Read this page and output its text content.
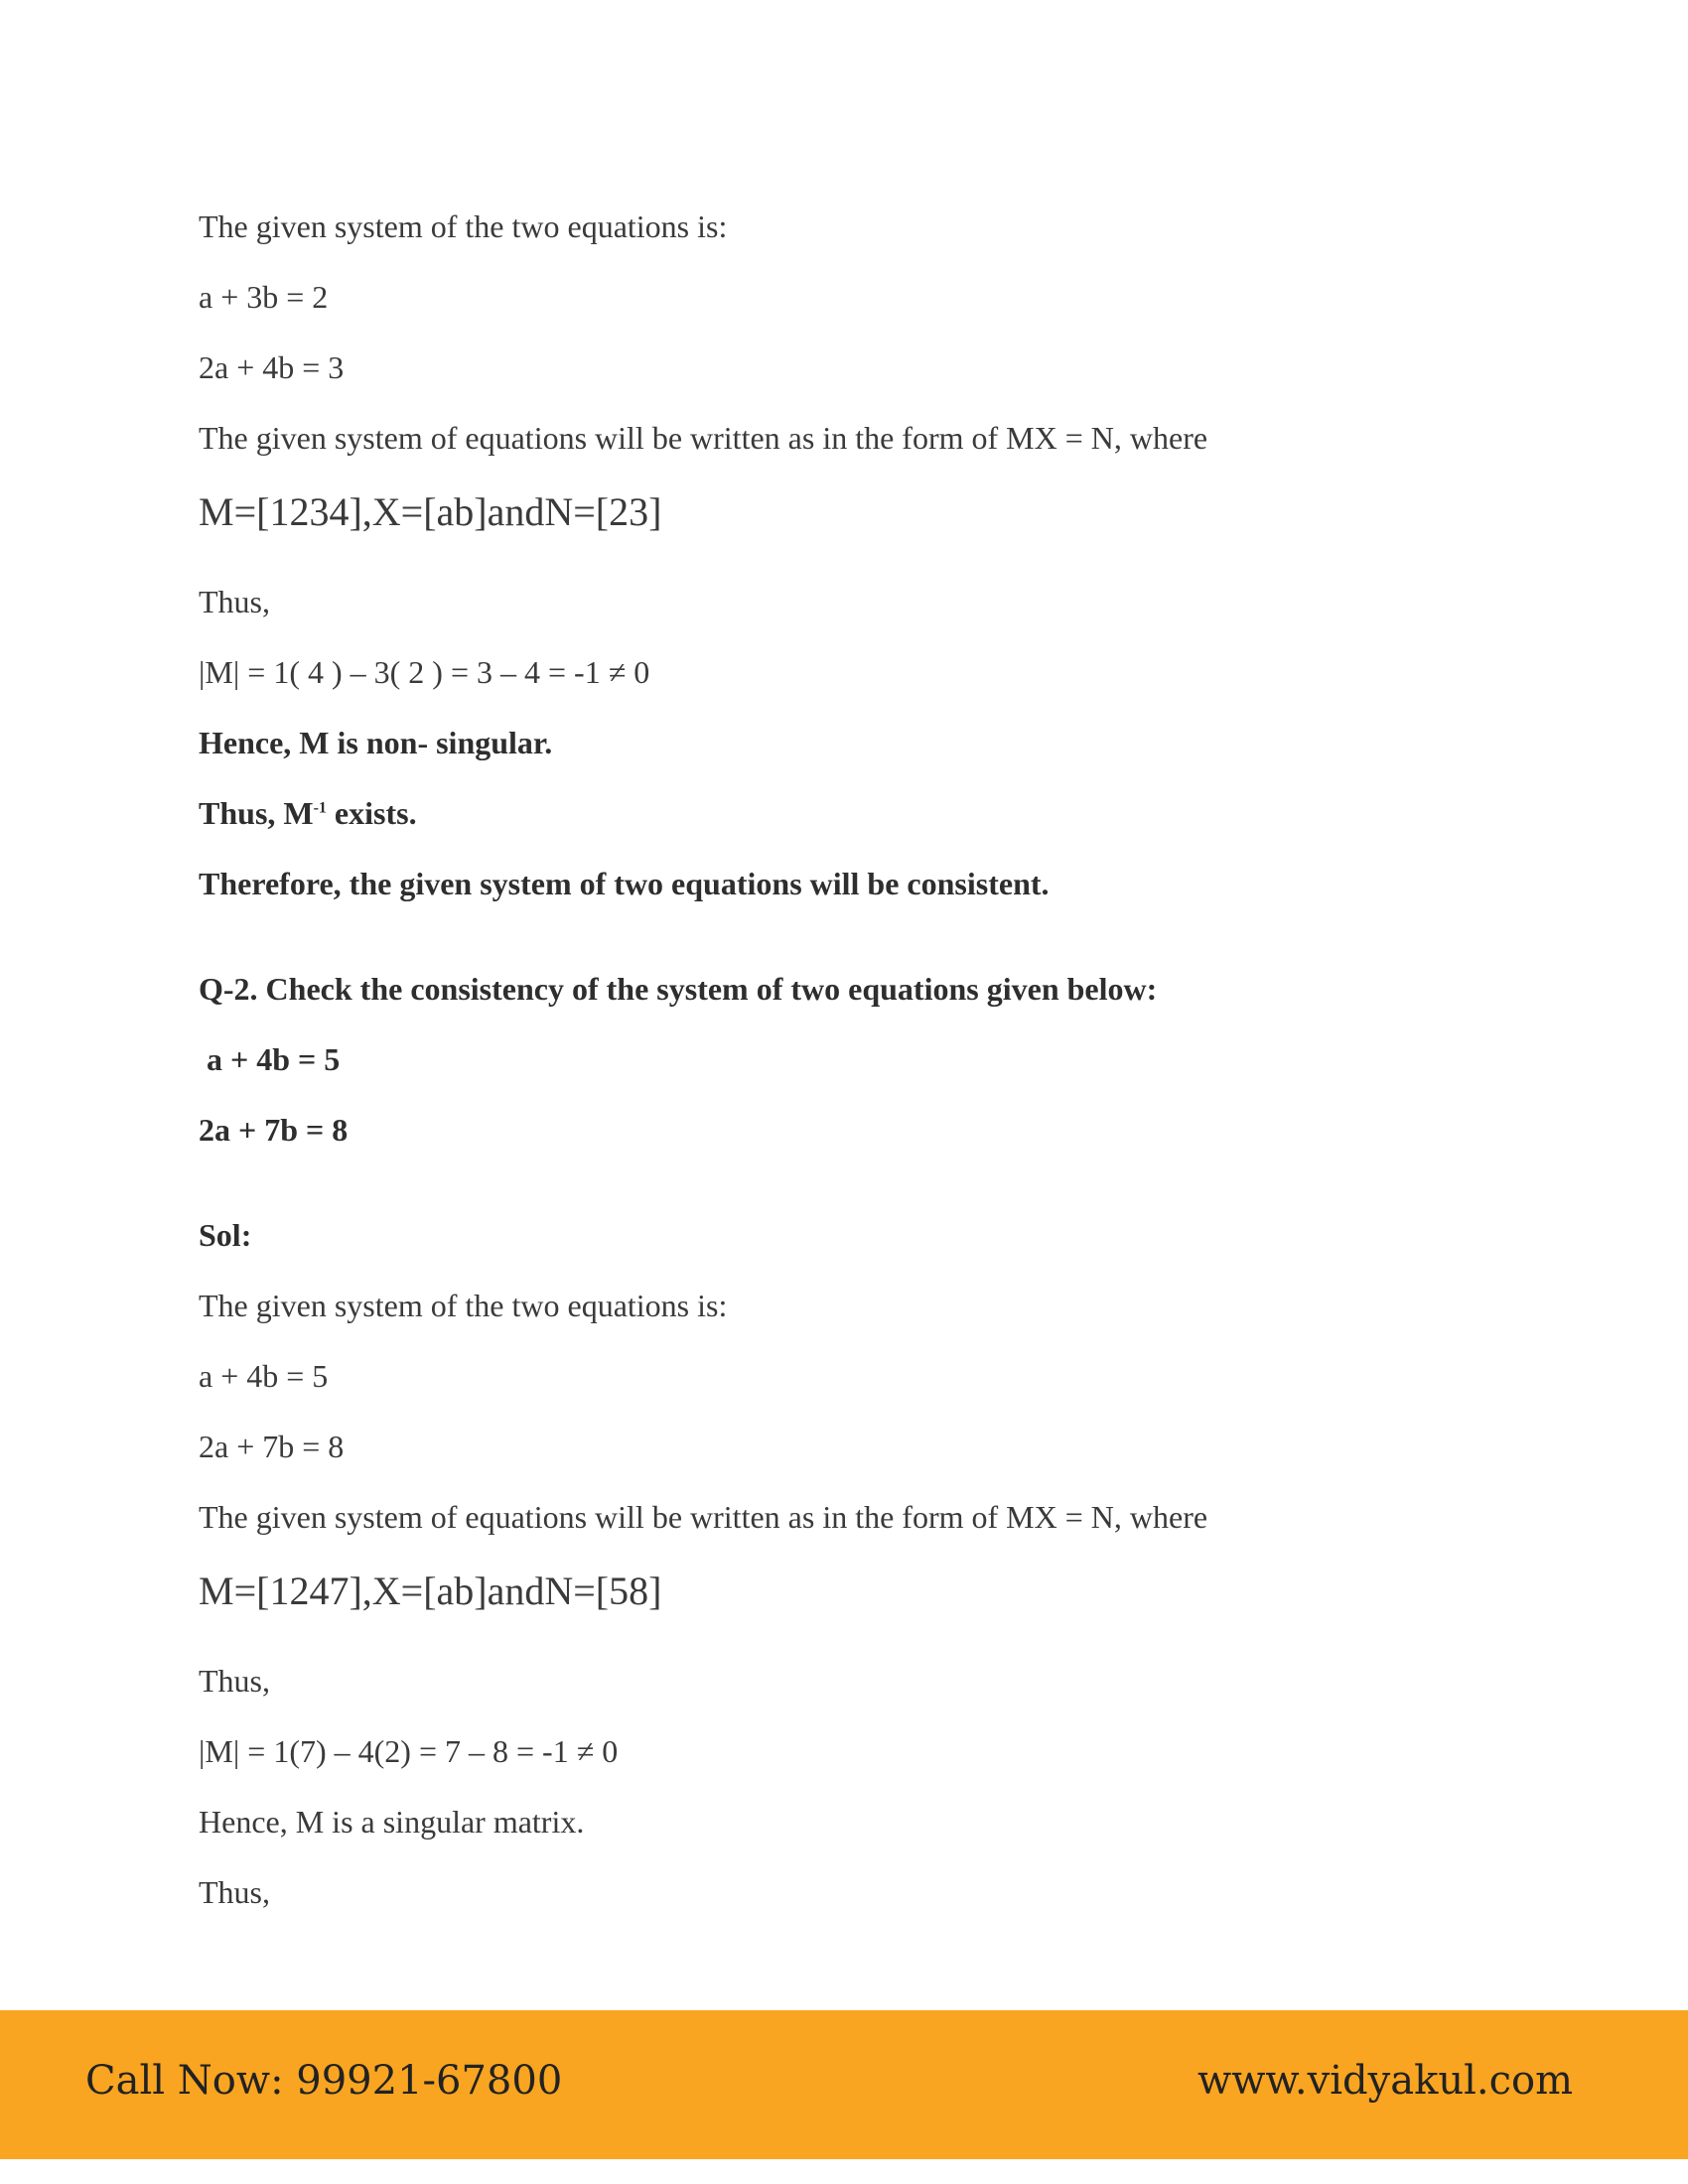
The given system of the two equations is:
a + 3b = 2
2a + 4b = 3
The given system of equations will be written as in the form of MX = N, where
M=[1234],X=[ab]andN=[23]
Thus,
|M| = 1( 4 ) – 3( 2 ) = 3 – 4 = -1 ≠ 0
Hence, M is non- singular.
Thus, $M^{-1}$ exists.
Therefore, the given system of two equations will be consistent.
Q-2. Check the consistency of the system of two equations given below:
a + 4b = 5
2a + 7b = 8
Sol:
The given system of the two equations is:
a + 4b = 5
2a + 7b = 8
The given system of equations will be written as in the form of MX = N, where
M=[1247],X=[ab]andN=[58]
Thus,
|M| = 1(7) – 4(2) = 7 – 8 = -1 ≠ 0
Hence, M is a singular matrix.
Thus,
Call Now: 99921-67800	www.vidyakul.com
